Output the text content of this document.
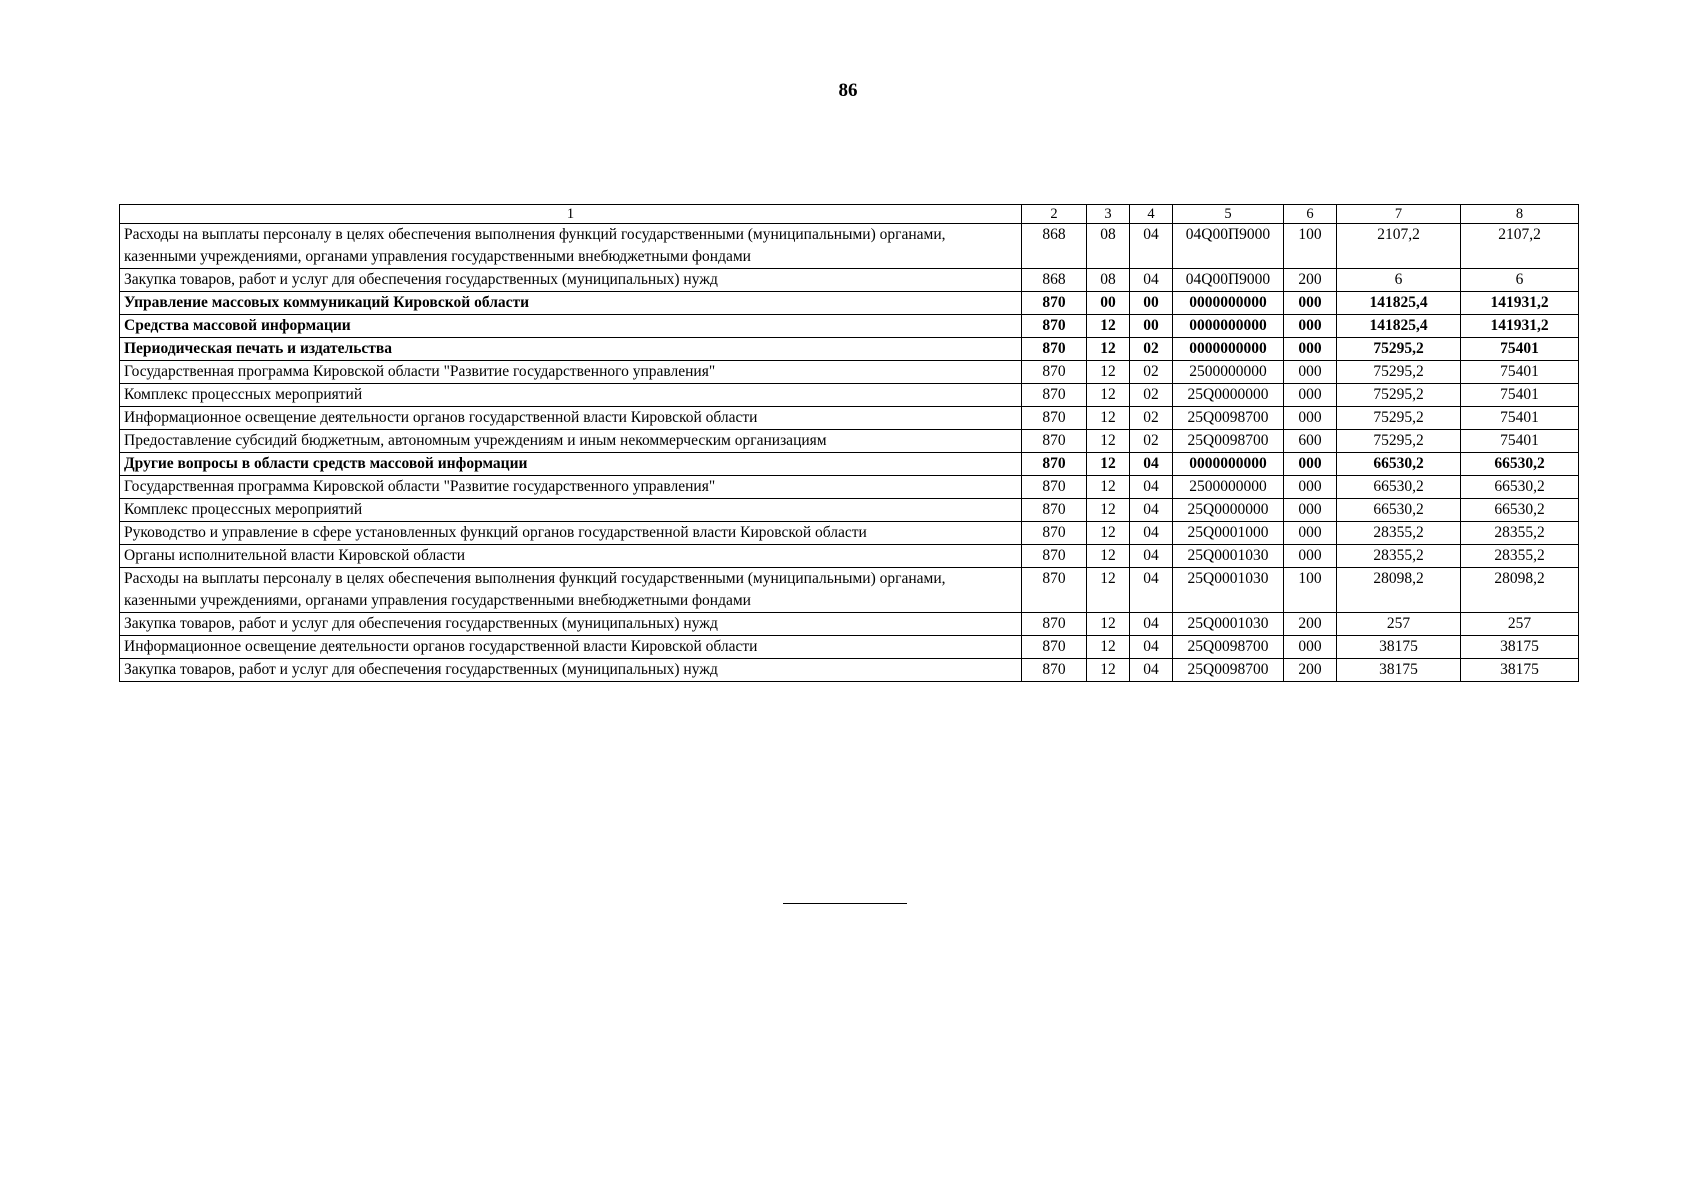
86
1	2	3	4	5	6	7	8
Расходы на выплаты персоналу в целях обеспечения выполнения функций государственными (муниципальными) органами, казенными учреждениями, органами управления государственными внебюджетными фондами	868	08	04	04Q00П9000	100	2107,2	2107,2
Закупка товаров, работ и услуг для обеспечения государственных (муниципальных) нужд	868	08	04	04Q00П9000	200	6	6
Управление массовых коммуникаций Кировской области	870	00	00	0000000000	000	141825,4	141931,2
Средства массовой информации	870	12	00	0000000000	000	141825,4	141931,2
Периодическая печать и издательства	870	12	02	0000000000	000	75295,2	75401
Государственная программа Кировской области "Развитие государственного управления"	870	12	02	2500000000	000	75295,2	75401
Комплекс процессных мероприятий	870	12	02	25Q0000000	000	75295,2	75401
Информационное освещение деятельности органов государственной власти Кировской области	870	12	02	25Q0098700	000	75295,2	75401
Предоставление субсидий бюджетным, автономным учреждениям и иным некоммерческим организациям	870	12	02	25Q0098700	600	75295,2	75401
Другие вопросы в области средств массовой информации	870	12	04	0000000000	000	66530,2	66530,2
Государственная программа Кировской области "Развитие государственного управления"	870	12	04	2500000000	000	66530,2	66530,2
Комплекс процессных мероприятий	870	12	04	25Q0000000	000	66530,2	66530,2
Руководство и управление в сфере установленных функций органов государственной власти Кировской области	870	12	04	25Q0001000	000	28355,2	28355,2
Органы исполнительной власти Кировской области	870	12	04	25Q0001030	000	28355,2	28355,2
Расходы на выплаты персоналу в целях обеспечения выполнения функций государственными (муниципальными) органами, казенными учреждениями, органами управления государственными внебюджетными фондами	870	12	04	25Q0001030	100	28098,2	28098,2
Закупка товаров, работ и услуг для обеспечения государственных (муниципальных) нужд	870	12	04	25Q0001030	200	257	257
Информационное освещение деятельности органов государственной власти Кировской области	870	12	04	25Q0098700	000	38175	38175
Закупка товаров, работ и услуг для обеспечения государственных (муниципальных) нужд	870	12	04	25Q0098700	200	38175	38175
